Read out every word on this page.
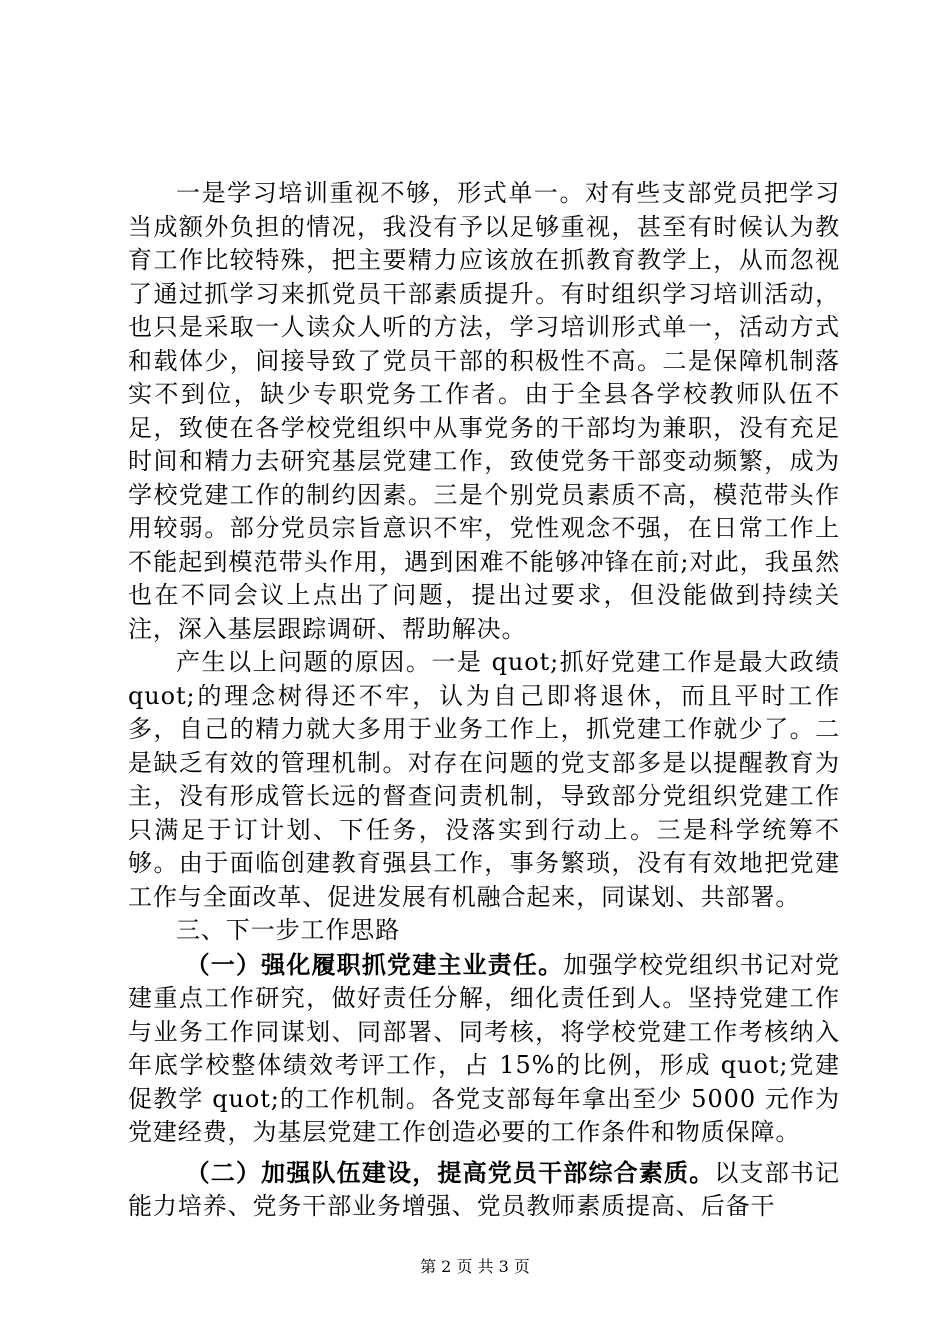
一是学习培训重视不够，形式单一。对有些支部党员把学习当成额外负担的情况，我没有予以足够重视，甚至有时候认为教育工作比较特殊，把主要精力应该放在抓教育教学上，从而忽视了通过抓学习来抓党员干部素质提升。有时组织学习培训活动，也只是采取一人读众人听的方法，学习培训形式单一，活动方式和载体少，间接导致了党员干部的积极性不高。二是保障机制落实不到位，缺少专职党务工作者。由于全县各学校教师队伍不足，致使在各学校党组织中从事党务的干部均为兼职，没有充足时间和精力去研究基层党建工作，致使党务干部变动频繁，成为学校党建工作的制约因素。三是个别党员素质不高，模范带头作用较弱。部分党员宗旨意识不牢，党性观念不强，在日常工作上不能起到模范带头作用，遇到困难不能够冲锋在前;对此，我虽然也在不同会议上点出了问题，提出过要求，但没能做到持续关注，深入基层跟踪调研、帮助解决。

产生以上问题的原因。一是 quot;抓好党建工作是最大政绩 quot;的理念树得还不牢，认为自己即将退休，而且平时工作多，自己的精力就大多用于业务工作上，抓党建工作就少了。二是缺乏有效的管理机制。对存在问题的党支部多是以提醒教育为主，没有形成管长远的督查问责机制，导致部分党组织党建工作只满足于订计划、下任务，没落实到行动上。三是科学统筹不够。由于面临创建教育强县工作，事务繁琐，没有有效地把党建工作与全面改革、促进发展有机融合起来，同谋划、共部署。

三、下一步工作思路

（一）强化履职抓党建主业责任。加强学校党组织书记对党建重点工作研究，做好责任分解，细化责任到人。坚持党建工作与业务工作同谋划、同部署、同考核，将学校党建工作考核纳入年底学校整体绩效考评工作，占 15%的比例，形成 quot;党建促教学 quot;的工作机制。各党支部每年拿出至少 5000 元作为党建经费，为基层党建工作创造必要的工作条件和物质保障。

（二）加强队伍建设，提高党员干部综合素质。以支部书记能力培养、党务干部业务增强、党员教师素质提高、后备干

第 2 页 共 3 页
